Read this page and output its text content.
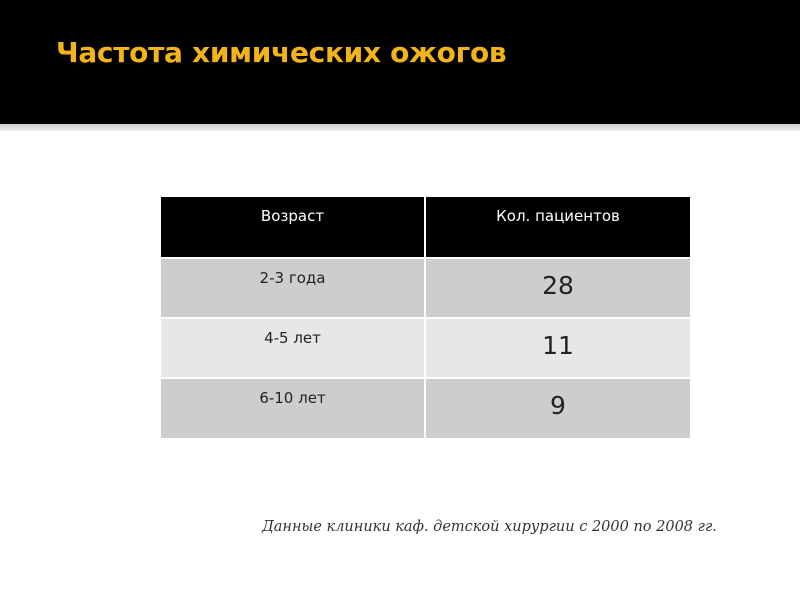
Частота химических ожогов
Возраст	Кол. пациентов
2-3 года	28
4-5 лет	11
6-10 лет	9

Данные клиники каф. детской хирургии с 2000 по 2008 гг.
